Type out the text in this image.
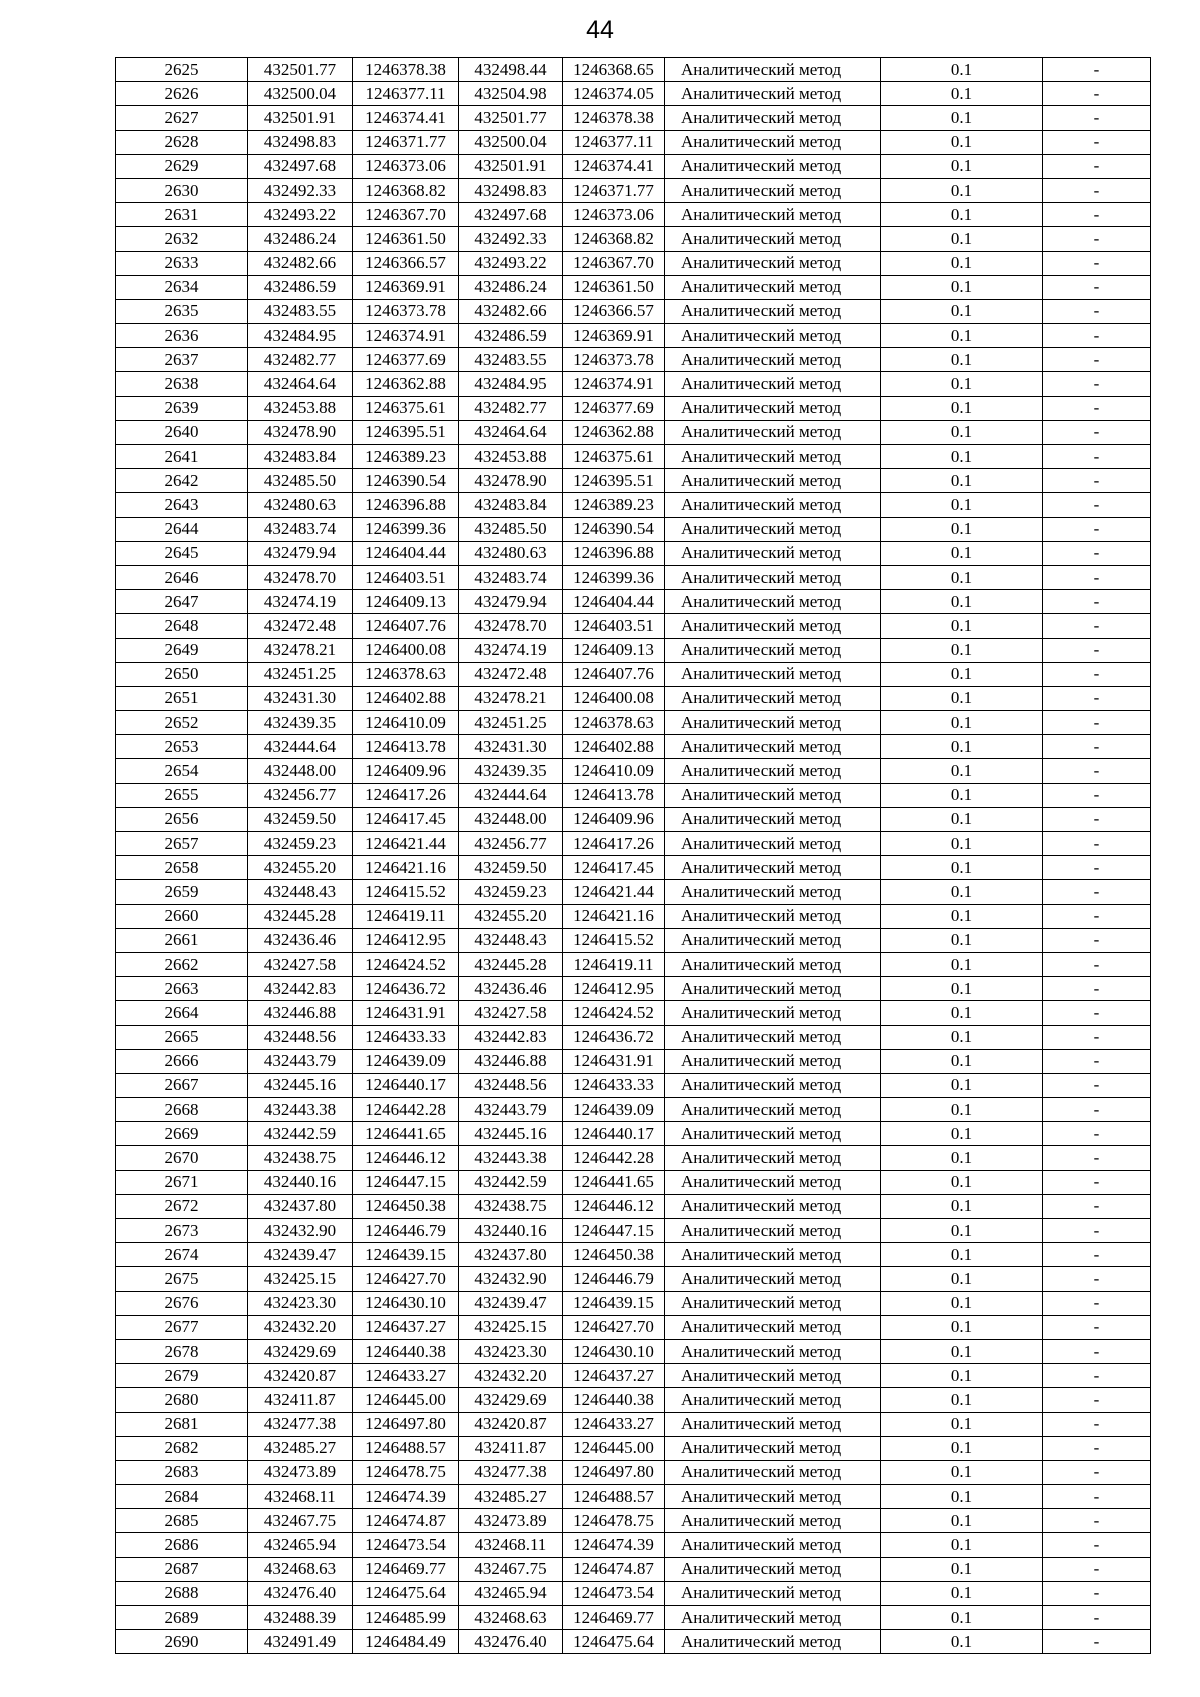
44
2625	432501.77	1246378.38	432498.44	1246368.65	Аналитический метод	0.1	-
2626	432500.04	1246377.11	432504.98	1246374.05	Аналитический метод	0.1	-
2627	432501.91	1246374.41	432501.77	1246378.38	Аналитический метод	0.1	-
2628	432498.83	1246371.77	432500.04	1246377.11	Аналитический метод	0.1	-
2629	432497.68	1246373.06	432501.91	1246374.41	Аналитический метод	0.1	-
2630	432492.33	1246368.82	432498.83	1246371.77	Аналитический метод	0.1	-
2631	432493.22	1246367.70	432497.68	1246373.06	Аналитический метод	0.1	-
2632	432486.24	1246361.50	432492.33	1246368.82	Аналитический метод	0.1	-
2633	432482.66	1246366.57	432493.22	1246367.70	Аналитический метод	0.1	-
2634	432486.59	1246369.91	432486.24	1246361.50	Аналитический метод	0.1	-
2635	432483.55	1246373.78	432482.66	1246366.57	Аналитический метод	0.1	-
2636	432484.95	1246374.91	432486.59	1246369.91	Аналитический метод	0.1	-
2637	432482.77	1246377.69	432483.55	1246373.78	Аналитический метод	0.1	-
2638	432464.64	1246362.88	432484.95	1246374.91	Аналитический метод	0.1	-
2639	432453.88	1246375.61	432482.77	1246377.69	Аналитический метод	0.1	-
2640	432478.90	1246395.51	432464.64	1246362.88	Аналитический метод	0.1	-
2641	432483.84	1246389.23	432453.88	1246375.61	Аналитический метод	0.1	-
2642	432485.50	1246390.54	432478.90	1246395.51	Аналитический метод	0.1	-
2643	432480.63	1246396.88	432483.84	1246389.23	Аналитический метод	0.1	-
2644	432483.74	1246399.36	432485.50	1246390.54	Аналитический метод	0.1	-
2645	432479.94	1246404.44	432480.63	1246396.88	Аналитический метод	0.1	-
2646	432478.70	1246403.51	432483.74	1246399.36	Аналитический метод	0.1	-
2647	432474.19	1246409.13	432479.94	1246404.44	Аналитический метод	0.1	-
2648	432472.48	1246407.76	432478.70	1246403.51	Аналитический метод	0.1	-
2649	432478.21	1246400.08	432474.19	1246409.13	Аналитический метод	0.1	-
2650	432451.25	1246378.63	432472.48	1246407.76	Аналитический метод	0.1	-
2651	432431.30	1246402.88	432478.21	1246400.08	Аналитический метод	0.1	-
2652	432439.35	1246410.09	432451.25	1246378.63	Аналитический метод	0.1	-
2653	432444.64	1246413.78	432431.30	1246402.88	Аналитический метод	0.1	-
2654	432448.00	1246409.96	432439.35	1246410.09	Аналитический метод	0.1	-
2655	432456.77	1246417.26	432444.64	1246413.78	Аналитический метод	0.1	-
2656	432459.50	1246417.45	432448.00	1246409.96	Аналитический метод	0.1	-
2657	432459.23	1246421.44	432456.77	1246417.26	Аналитический метод	0.1	-
2658	432455.20	1246421.16	432459.50	1246417.45	Аналитический метод	0.1	-
2659	432448.43	1246415.52	432459.23	1246421.44	Аналитический метод	0.1	-
2660	432445.28	1246419.11	432455.20	1246421.16	Аналитический метод	0.1	-
2661	432436.46	1246412.95	432448.43	1246415.52	Аналитический метод	0.1	-
2662	432427.58	1246424.52	432445.28	1246419.11	Аналитический метод	0.1	-
2663	432442.83	1246436.72	432436.46	1246412.95	Аналитический метод	0.1	-
2664	432446.88	1246431.91	432427.58	1246424.52	Аналитический метод	0.1	-
2665	432448.56	1246433.33	432442.83	1246436.72	Аналитический метод	0.1	-
2666	432443.79	1246439.09	432446.88	1246431.91	Аналитический метод	0.1	-
2667	432445.16	1246440.17	432448.56	1246433.33	Аналитический метод	0.1	-
2668	432443.38	1246442.28	432443.79	1246439.09	Аналитический метод	0.1	-
2669	432442.59	1246441.65	432445.16	1246440.17	Аналитический метод	0.1	-
2670	432438.75	1246446.12	432443.38	1246442.28	Аналитический метод	0.1	-
2671	432440.16	1246447.15	432442.59	1246441.65	Аналитический метод	0.1	-
2672	432437.80	1246450.38	432438.75	1246446.12	Аналитический метод	0.1	-
2673	432432.90	1246446.79	432440.16	1246447.15	Аналитический метод	0.1	-
2674	432439.47	1246439.15	432437.80	1246450.38	Аналитический метод	0.1	-
2675	432425.15	1246427.70	432432.90	1246446.79	Аналитический метод	0.1	-
2676	432423.30	1246430.10	432439.47	1246439.15	Аналитический метод	0.1	-
2677	432432.20	1246437.27	432425.15	1246427.70	Аналитический метод	0.1	-
2678	432429.69	1246440.38	432423.30	1246430.10	Аналитический метод	0.1	-
2679	432420.87	1246433.27	432432.20	1246437.27	Аналитический метод	0.1	-
2680	432411.87	1246445.00	432429.69	1246440.38	Аналитический метод	0.1	-
2681	432477.38	1246497.80	432420.87	1246433.27	Аналитический метод	0.1	-
2682	432485.27	1246488.57	432411.87	1246445.00	Аналитический метод	0.1	-
2683	432473.89	1246478.75	432477.38	1246497.80	Аналитический метод	0.1	-
2684	432468.11	1246474.39	432485.27	1246488.57	Аналитический метод	0.1	-
2685	432467.75	1246474.87	432473.89	1246478.75	Аналитический метод	0.1	-
2686	432465.94	1246473.54	432468.11	1246474.39	Аналитический метод	0.1	-
2687	432468.63	1246469.77	432467.75	1246474.87	Аналитический метод	0.1	-
2688	432476.40	1246475.64	432465.94	1246473.54	Аналитический метод	0.1	-
2689	432488.39	1246485.99	432468.63	1246469.77	Аналитический метод	0.1	-
2690	432491.49	1246484.49	432476.40	1246475.64	Аналитический метод	0.1	-
